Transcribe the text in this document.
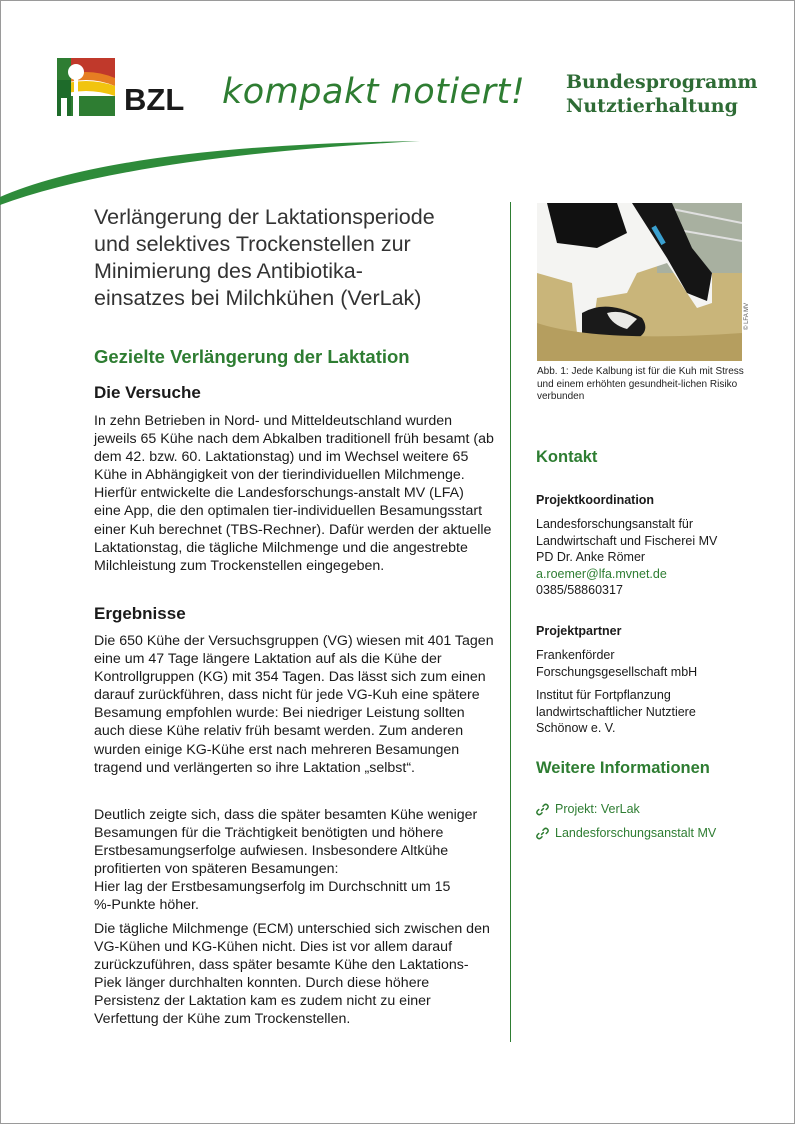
BZL kompakt notiert! Bundesprogramm
Nutztierhaltung
Verlängerung der Laktationsperiode
und selektives Trockenstellen zur
Minimierung des Antibiotika-
einsatzes bei Milchkühen (VerLak)
Gezielte Verlängerung der Laktation
Die Versuche
In zehn Betrieben in Nord- und Mitteldeutschland wurden jeweils 65 Kühe nach dem Abkalben traditionell früh besamt (ab dem 42. bzw. 60. Laktationstag) und im Wechsel weitere 65 Kühe in Abhängigkeit von der tierindividuellen Milchmenge. Hierfür entwickelte die Landesforschungs-anstalt MV (LFA) eine App, die den optimalen tier-individuellen Besamungsstart einer Kuh berechnet (TBS-Rechner). Dafür werden der aktuelle Laktationstag, die tägliche Milchmenge und die angestrebte Milchleistung zum Trockenstellen eingegeben.
Ergebnisse
Die 650 Kühe der Versuchsgruppen (VG) wiesen mit 401 Tagen eine um 47 Tage längere Laktation auf als die Kühe der Kontrollgruppen (KG) mit 354 Tagen. Das lässt sich zum einen darauf zurückführen, dass nicht für jede VG-Kuh eine spätere Besamung empfohlen wurde: Bei niedriger Leistung sollten auch diese Kühe relativ früh besamt werden. Zum anderen wurden einige KG-Kühe erst nach mehreren Besamungen tragend und verlängerten so ihre Laktation „selbst“.
Deutlich zeigte sich, dass die später besamten Kühe weniger Besamungen für die Trächtigkeit benötigten und höhere Erstbesamungserfolge aufwiesen. Insbesondere Altkühe profitierten von späteren Besamungen:
Hier lag der Erstbesamungserfolg im Durchschnitt um 15 %-Punkte höher.
Die tägliche Milchmenge (ECM) unterschied sich zwischen den VG-Kühen und KG-Kühen nicht. Dies ist vor allem darauf zurückzuführen, dass später besamte Kühe den Laktations-Piek länger durchhalten konnten. Durch diese höhere Persistenz der Laktation kam es zudem nicht zu einer Verfettung der Kühe zum Trockenstellen.
© LFA MV
Abb. 1: Jede Kalbung ist für die Kuh mit Stress und einem erhöhten gesundheit-lichen Risiko verbunden
Kontakt
Projektkoordination
Landesforschungsanstalt für
Landwirtschaft und Fischerei MV
PD Dr. Anke Römer
a.roemer@lfa.mvnet.de
0385/58860317
Projektpartner
Frankenförder
Forschungsgesellschaft mbH
Institut für Fortpflanzung
landwirtschaftlicher Nutztiere
Schönow e. V.
Weitere Informationen
Projekt: VerLak
Landesforschungsanstalt MV
